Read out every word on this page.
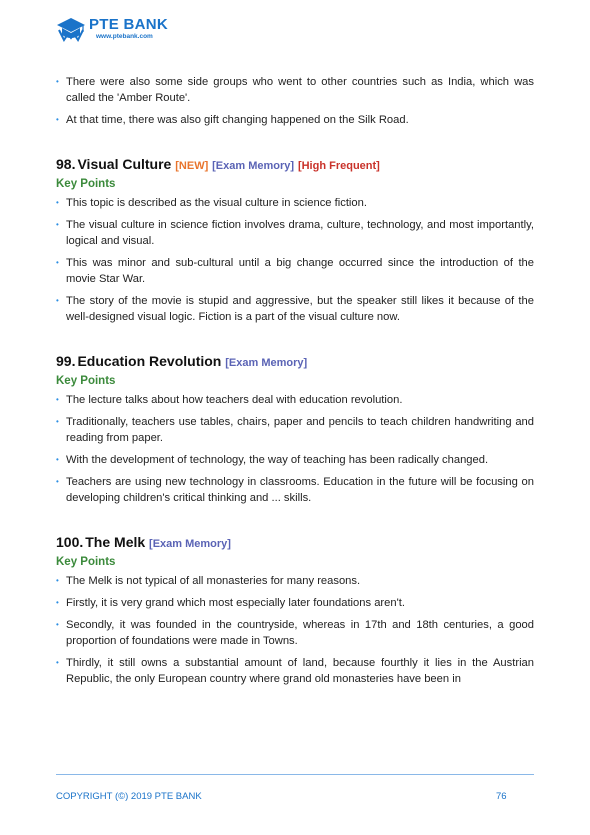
PTE BANK
www.ptebank.com
• There were also some side groups who went to other countries such as India, which was called the 'Amber Route'.
• At that time, there was also gift changing happened on the Silk Road.
98. Visual Culture [NEW] [Exam Memory] [High Frequent]
Key Points
• This topic is described as the visual culture in science fiction.
• The visual culture in science fiction involves drama, culture, technology, and most importantly, logical and visual.
• This was minor and sub-cultural until a big change occurred since the introduction of the movie Star War.
• The story of the movie is stupid and aggressive, but the speaker still likes it because of the well-designed visual logic. Fiction is a part of the visual culture now.
99. Education Revolution [Exam Memory]
Key Points
• The lecture talks about how teachers deal with education revolution.
• Traditionally, teachers use tables, chairs, paper and pencils to teach children handwriting and reading from paper.
• With the development of technology, the way of teaching has been radically changed.
• Teachers are using new technology in classrooms. Education in the future will be focusing on developing children's critical thinking and ... skills.
100. The Melk [Exam Memory]
Key Points
• The Melk is not typical of all monasteries for many reasons.
• Firstly, it is very grand which most especially later foundations aren't.
• Secondly, it was founded in the countryside, whereas in 17th and 18th centuries, a good proportion of foundations were made in Towns.
• Thirdly, it still owns a substantial amount of land, because fourthly it lies in the Austrian Republic, the only European country where grand old monasteries have been in
COPYRIGHT (©) 2019 PTE BANK	76
